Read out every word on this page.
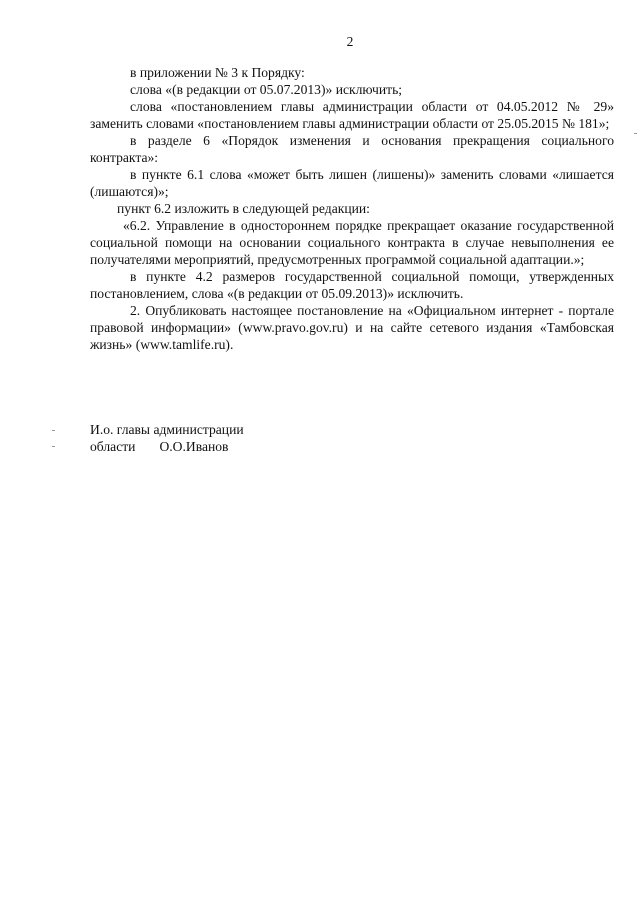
2

в приложении № 3 к Порядку:

слова «(в редакции от 05.07.2013)» исключить;

слова «постановлением главы администрации области от 04.05.2012 № 29» заменить словами «постановлением главы администрации области от 25.05.2015 № 181»;

в разделе 6 «Порядок изменения и основания прекращения социального контракта»:

в пункте 6.1 слова «может быть лишен (лишены)» заменить словами «лишается (лишаются)»;

пункт 6.2 изложить в следующей редакции:

«6.2. Управление в одностороннем порядке прекращает оказание государственной социальной помощи на основании социального контракта в случае невыполнения ее получателями мероприятий, предусмотренных программой социальной адаптации.»;

в пункте 4.2 размеров государственной социальной помощи, утвержденных постановлением, слова «(в редакции от 05.09.2013)» исключить.

2. Опубликовать настоящее постановление на «Официальном интернет - портале правовой информации» (www.pravo.gov.ru) и на сайте сетевого издания «Тамбовская жизнь» (www.tamlife.ru).

И.о. главы администрации
области О.О.Иванов
